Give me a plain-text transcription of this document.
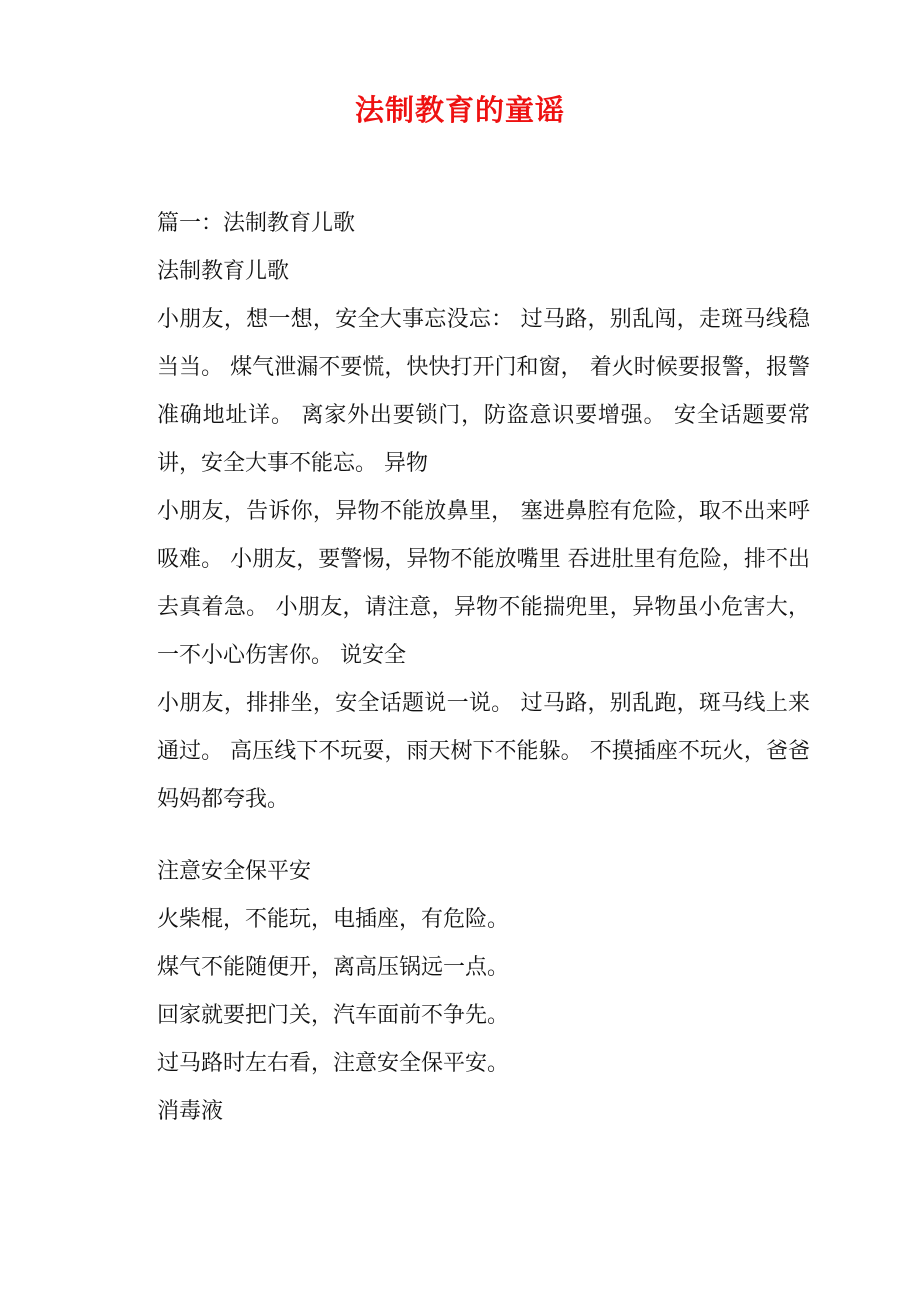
法制教育的童谣

篇一：法制教育儿歌

法制教育儿歌

小朋友，想一想，安全大事忘没忘： 过马路，别乱闯，走斑马线稳当当。 煤气泄漏不要慌，快快打开门和窗， 着火时候要报警，报警准确地址详。 离家外出要锁门，防盗意识要增强。 安全话题要常讲，安全大事不能忘。 异物

小朋友，告诉你，异物不能放鼻里， 塞进鼻腔有危险，取不出来呼吸难。 小朋友，要警惕，异物不能放嘴里 吞进肚里有危险，排不出去真着急。 小朋友，请注意，异物不能揣兜里，异物虽小危害大，一不小心伤害你。 说安全

小朋友，排排坐，安全话题说一说。 过马路，别乱跑，斑马线上来通过。 高压线下不玩耍，雨天树下不能躲。 不摸插座不玩火，爸爸妈妈都夸我。

注意安全保平安

火柴棍，不能玩，电插座，有危险。

煤气不能随便开，离高压锅远一点。

回家就要把门关，汽车面前不争先。

过马路时左右看，注意安全保平安。

消毒液
